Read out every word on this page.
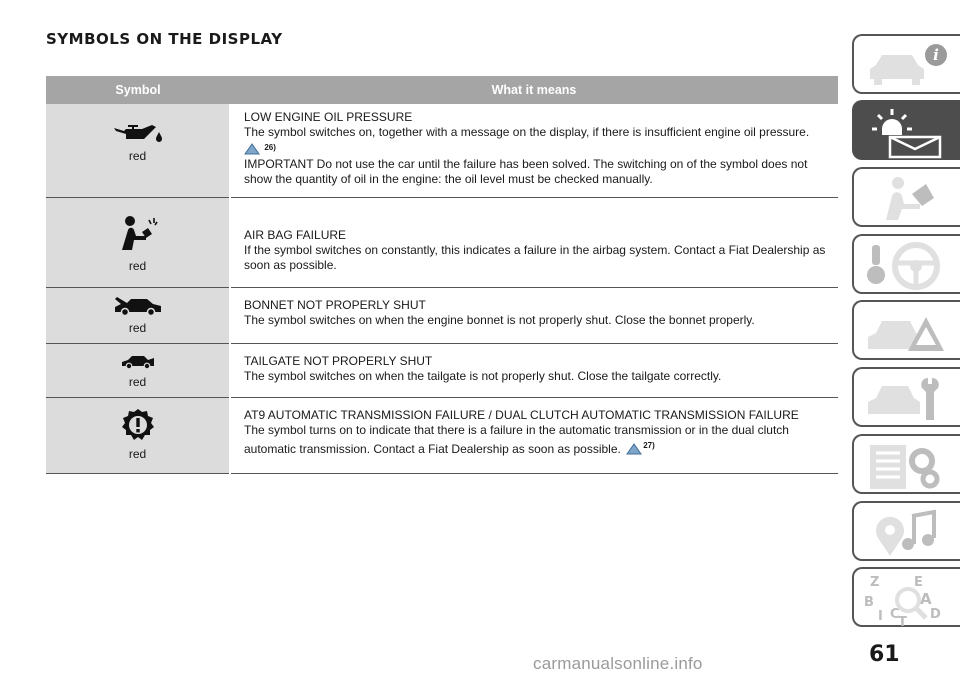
SYMBOLS ON THE DISPLAY
Symbol	What it means

red	LOW ENGINE OIL PRESSURE
The symbol switches on, together with a message on the display, if there is insufficient engine oil pressure.
$^{26)}$
IMPORTANT Do not use the car until the failure has been solved. The switching on of the symbol does not show the quantity of oil in the engine: the oil level must be checked manually.

red	AIR BAG FAILURE
If the symbol switches on constantly, this indicates a failure in the airbag system. Contact a Fiat Dealership as soon as possible.

red	BONNET NOT PROPERLY SHUT
The symbol switches on when the engine bonnet is not properly shut. Close the bonnet properly.

red	TAILGATE NOT PROPERLY SHUT
The symbol switches on when the tailgate is not properly shut. Close the tailgate correctly.

red	AT9 AUTOMATIC TRANSMISSION FAILURE / DUAL CLUTCH AUTOMATIC TRANSMISSION FAILURE
The symbol turns on to indicate that there is a failure in the automatic transmission or in the dual clutch automatic transmission. Contact a Fiat Dealership as soon as possible. $^{27)}$
i
Z	E
B	A
D
I C
T
61
carmanualsonline.info
